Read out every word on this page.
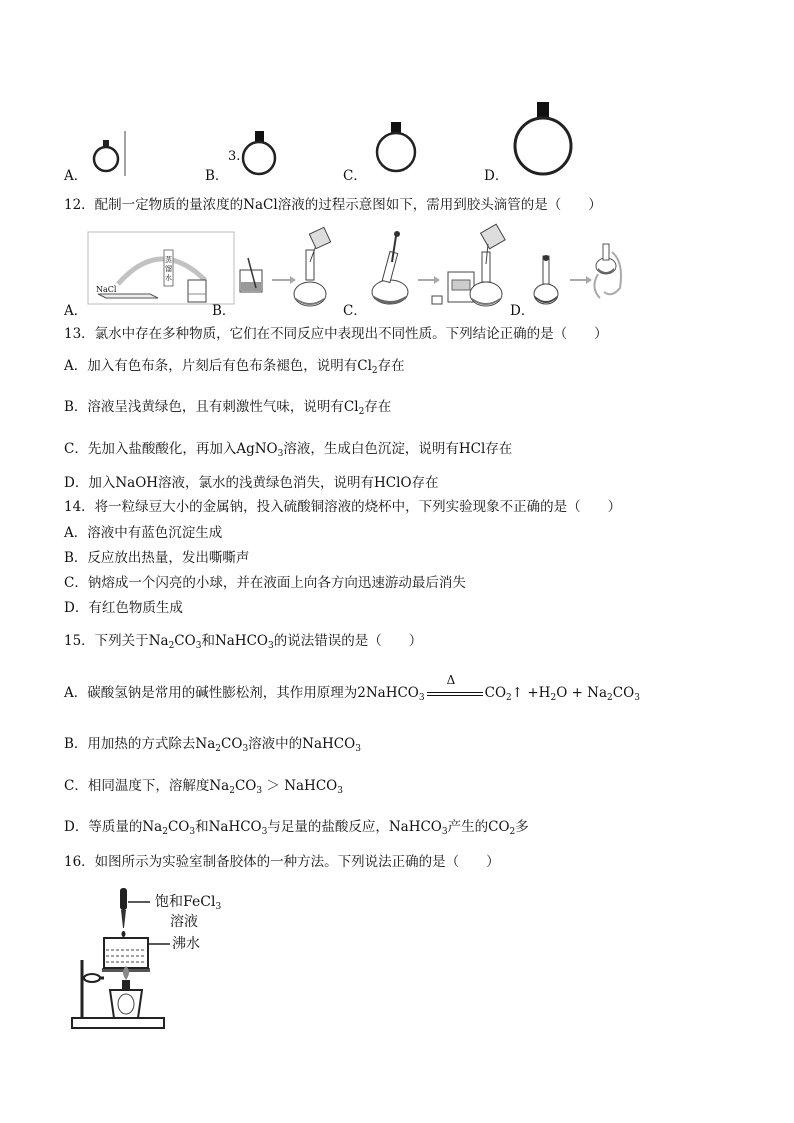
3.
A．	B．	C．	D．
12．配制一定物质的量浓度的NaCl溶液的过程示意图如下，需用到胶头滴管的是（　　）
NaCl
蒸
馏
水
A．	B．	C．	D．
13．氯水中存在多种物质，它们在不同反应中表现出不同性质。下列结论正确的是（　　）
A．加入有色布条，片刻后有色布条褪色，说明有$Cl_2$存在
B．溶液呈浅黄绿色，且有刺激性气味，说明有$Cl_2$存在
C．先加入盐酸酸化，再加入AgNO$_3$溶液，生成白色沉淀，说明有HCl存在
D．加入NaOH溶液，氯水的浅黄绿色消失，说明有HClO存在
14．将一粒绿豆大小的金属钠，投入硫酸铜溶液的烧杯中，下列实验现象不正确的是（　　）
A．溶液中有蓝色沉淀生成
B．反应放出热量，发出嘶嘶声
C．钠熔成一个闪亮的小球，并在液面上向各方向迅速游动最后消失
D．有红色物质生成
15．下列关于$Na_2CO_3$和NaHCO$_3$的说法错误的是（　　）
A．碳酸氢钠是常用的碱性膨松剂，其作用原理为2NaHCO$_3$
Δ
$CO_2↑ +H_2O + Na_2CO_3$
B．用加热的方式除去$Na_2CO_3$溶液中的NaHCO$_3$
C．相同温度下，溶解度$Na_2CO_3$ ＞ NaHCO$_3$
D．等质量的$Na_2CO_3$和NaHCO$_3$与足量的盐酸反应，NaHCO$_3$产生的$CO_2$多
16．如图所示为实验室制备胶体的一种方法。下列说法正确的是（　　）
饱和FeCl$_3$
溶液
沸水
